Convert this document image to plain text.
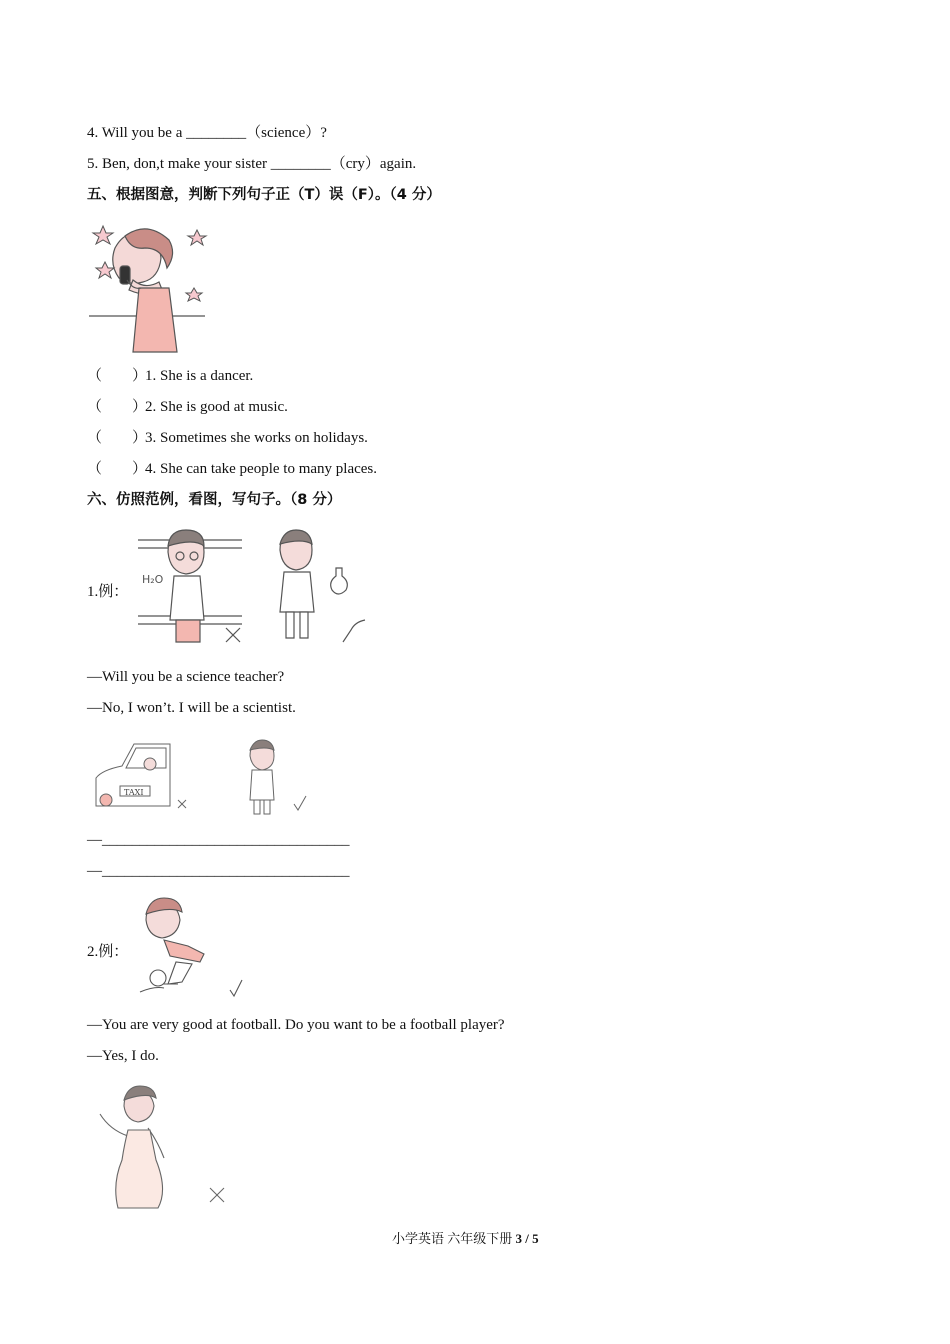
4. Will you be a ________（science）?
5. Ben, don,t make your sister ________（cry）again.
五、根据图意，判断下列句子正（T）误（F）。（4 分）
（　　）1. She is a dancer.
（　　）2. She is good at music.
（　　）3. Sometimes she works on holidays.
（　　）4. She can take people to many places.
六、仿照范例，看图，写句子。（8 分）
1.例：
H₂O
—Will you be a science teacher?
—No, I won’t. I will be a scientist.
TAXI
—_________________________________
—_________________________________
2.例：
—You are very good at football. Do you want to be a football player?
—Yes, I do.
小学英语 六年级下册 3 / 5
